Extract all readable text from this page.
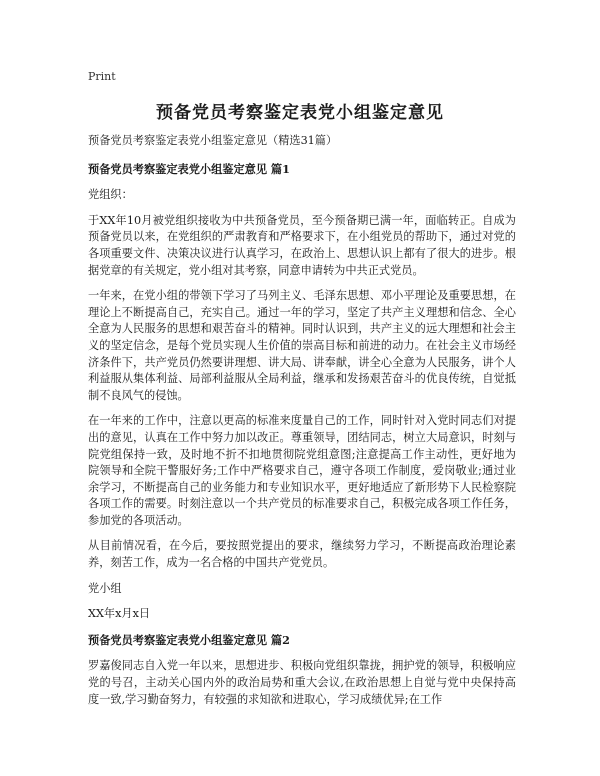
Print
预备党员考察鉴定表党小组鉴定意见

预备党员考察鉴定表党小组鉴定意见（精选31篇）

预备党员考察鉴定表党小组鉴定意见 篇1

党组织：

于XX年10月被党组织接收为中共预备党员，至今预备期已满一年，面临转正。自成为预备党员以来，在党组织的严肃教育和严格要求下，在小组党员的帮助下，通过对党的各项重要文件、决策决议进行认真学习，在政治上、思想认识上都有了很大的进步。根据党章的有关规定，党小组对其考察，同意申请转为中共正式党员。

一年来，在党小组的带领下学习了马列主义、毛泽东思想、邓小平理论及重要思想，在理论上不断提高自己，充实自己。通过一年的学习，坚定了共产主义理想和信念、全心全意为人民服务的思想和艰苦奋斗的精神。同时认识到，共产主义的远大理想和社会主义的坚定信念，是每个党员实现人生价值的崇高目标和前进的动力。在社会主义市场经济条件下，共产党员仍然要讲理想、讲大局、讲奉献，讲全心全意为人民服务，讲个人利益服从集体利益、局部利益服从全局利益，继承和发扬艰苦奋斗的优良传统，自觉抵制不良风气的侵蚀。

在一年来的工作中，注意以更高的标准来度量自己的工作，同时针对入党时同志们对提出的意见，认真在工作中努力加以改正。尊重领导，团结同志，树立大局意识，时刻与院党组保持一致，及时地不折不扣地贯彻院党组意图;注意提高工作主动性，更好地为院领导和全院干警服好务;工作中严格要求自己，遵守各项工作制度，爱岗敬业;通过业余学习，不断提高自己的业务能力和专业知识水平，更好地适应了新形势下人民检察院各项工作的需要。时刻注意以一个共产党员的标准要求自己，积极完成各项工作任务，参加党的各项活动。

从目前情况看，在今后，要按照党提出的要求，继续努力学习，不断提高政治理论素养，刻苦工作，成为一名合格的中国共产党党员。

党小组

XX年x月x日

预备党员考察鉴定表党小组鉴定意见 篇2

罗嘉俊同志自入党一年以来，思想进步、积极向党组织靠拢，拥护党的领导，积极响应党的号召，主动关心国内外的政治局势和重大会议,在政治思想上自觉与党中央保持高度一致,学习勤奋努力，有较强的求知欲和进取心，学习成绩优异;在工作
